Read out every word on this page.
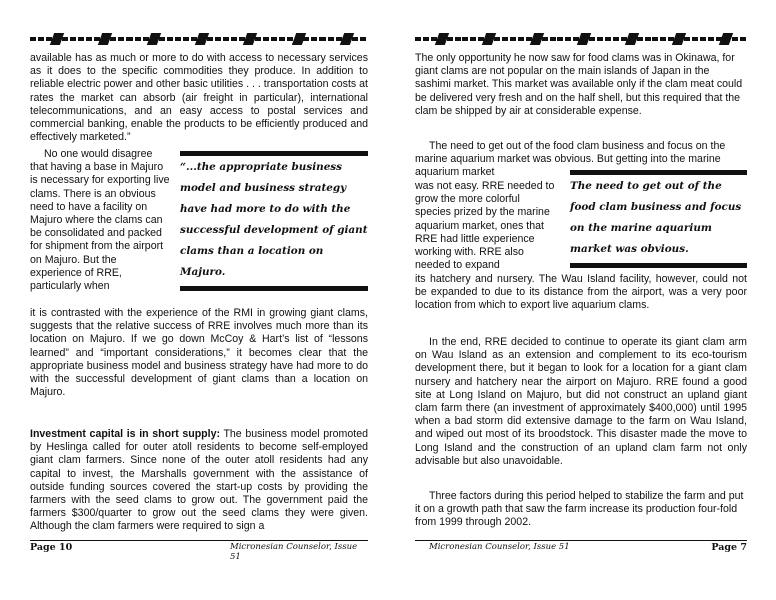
available has as much or more to do with access to necessary services as it does to the specific commodities they produce. In addition to reliable electric power and other basic utilities . . . transportation costs at rates the market can absorb (air freight in particular), international telecommunications, and an easy access to postal services and commercial banking, enable the products to be efficiently produced and effectively marketed.”
No one would disagree that having a base in Majuro is necessary for exporting live clams. There is an obvious need to have a facility on Majuro where the clams can be consolidated and packed for shipment from the airport on Majuro. But the experience of RRE, particularly when
“...the appropriate business model and business strategy have had more to do with the successful development of giant clams than a location on Majuro.
it is contrasted with the experience of the RMI in growing giant clams, suggests that the relative success of RRE involves much more than its location on Majuro. If we go down McCoy & Hart’s list of “lessons learned” and “important considerations,” it becomes clear that the appropriate business model and business strategy have had more to do with the successful development of giant clams than a location on Majuro.
Investment capital is in short supply: The business model promoted by Heslinga called for outer atoll residents to become self-employed giant clam farmers. Since none of the outer atoll residents had any capital to invest, the Marshalls government with the assistance of outside funding sources covered the start-up costs by providing the farmers with the seed clams to grow out. The government paid the farmers $300/quarter to grow out the seed clams they were given. Although the clam farmers were required to sign a
Page 10	Micronesian Counselor, Issue 51
The only opportunity he now saw for food clams was in Okinawa, for giant clams are not popular on the main islands of Japan in the sashimi market. This market was available only if the clam meat could be delivered very fresh and on the half shell, but this required that the clam be shipped by air at considerable expense.
The need to get out of the food clam business and focus on the marine aquarium market was obvious. But getting into the marine aquarium market
was not easy. RRE needed to grow the more colorful species prized by the marine aquarium market, ones that RRE had little experience working with. RRE also needed to expand
The need to get out of the food clam business and focus on the marine aquarium market was obvious.
its hatchery and nursery. The Wau Island facility, however, could not be expanded to due to its distance from the airport, was a very poor location from which to export live aquarium clams.
In the end, RRE decided to continue to operate its giant clam arm on Wau Island as an extension and complement to its eco-tourism development there, but it began to look for a location for a giant clam nursery and hatchery near the airport on Majuro. RRE found a good site at Long Island on Majuro, but did not construct an upland giant clam farm there (an investment of approximately $400,000) until 1995 when a bad storm did extensive damage to the farm on Wau Island, and wiped out most of its broodstock. This disaster made the move to Long Island and the construction of an upland clam farm not only advisable but also unavoidable.
Three factors during this period helped to stabilize the farm and put it on a growth path that saw the farm increase its production four-fold from 1999 through 2002.
Micronesian Counselor, Issue 51	Page 7
